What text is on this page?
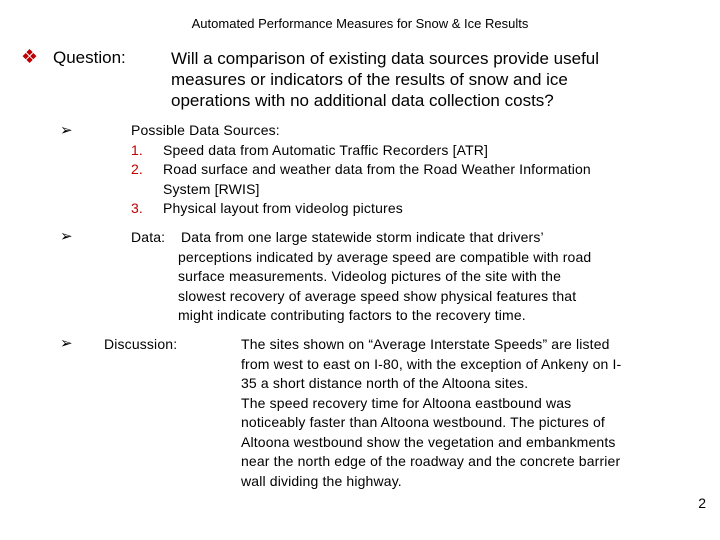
Automated Performance Measures for Snow & Ice Results
❖ Question:	Will a comparison of existing data sources provide useful measures or indicators of the results of snow and ice operations with no additional data collection costs?
➢	Possible Data Sources:
1. Speed data from Automatic Traffic Recorders [ATR]
2. Road surface and weather data from the Road Weather Information
System [RWIS]
3. Physical layout from videolog pictures
➢	Data: Data from one large statewide storm indicate that drivers’
perceptions indicated by average speed are compatible with road
surface measurements. Videolog pictures of the site with the
slowest recovery of average speed show physical features that
might indicate contributing factors to the recovery time.
➢ Discussion:	The sites shown on “Average Interstate Speeds” are listed
from west to east on I-80, with the exception of Ankeny on I-
35 a short distance north of the Altoona sites.
The speed recovery time for Altoona eastbound was
noticeably faster than Altoona westbound. The pictures of
Altoona westbound show the vegetation and embankments
near the north edge of the roadway and the concrete barrier
wall dividing the highway.
2
